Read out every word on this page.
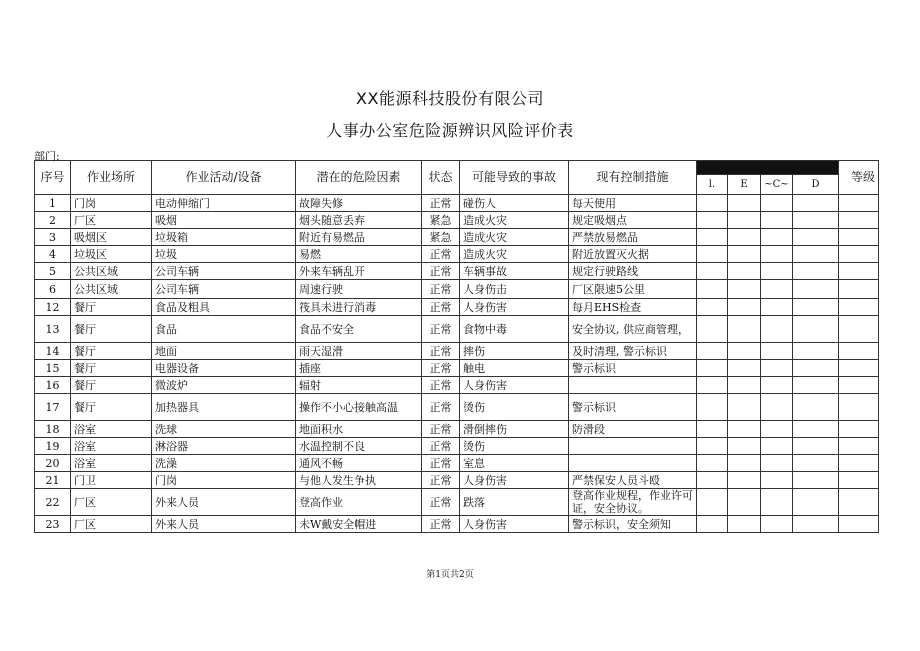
XX能源科技股份有限公司
人事办公室危险源辨识风险评价表
部门:
序号	作业场所	作业活动/设备	潜在的危险因素	状态	可能导致的事故	现有控制措施					等级
							l.	E	~C~	D	
1	门岗	电动伸缩门	故障失修	正常	碰伤人	每天使用					
2	厂区	吸烟	烟头随意丢弃	紧急	造成火灾	规定吸烟点					
3	吸烟区	垃圾箱	附近有易燃品	紧急	造成火灾	严禁放易燃品					
4	垃圾区	垃圾	易燃	正常	造成火灾	附近放置灭火据					
5	公共区域	公司车辆	外来车辆乱开	正常	车辆事故	规定行驶路线					
6	公共区域	公司车辆	周速行驶	正常	人身伤击	厂区限速5公里					
12	餐厅	食品及粗具	筏具未进行消毒	正常	人身伤害	每月EHS检查					
13	餐厅	食品	食品不安全	正常	食物中毒	安全协议, 供应商管理，					
14	餐厅	地面	雨天湿滑	正常	摔伤	及时清理, 警示标识					
15	餐厅	电器设备	插座	正常	触电	警示标识					
16	餐厅	微波炉	辐射	正常	人身伤害						
17	餐厅	加热器具	操作不小心接触高温	正常	烫伤	警示标识					
18	浴室	洗球	地面积水	正常	滑倒摔伤	防滑段					
19	浴室	淋浴器	水温控制不良	正常	烫伤						
20	浴室	洗澡	通风不畅	正常	室息						
21	门卫	门岗	与他人发生争执	正常	人身伤害	严禁保安人员斗殴					
22	厂区	外来人员	登高作业	正常	跌落	登高作业规程，作业许可证，安全协议。					
23	厂区	外来人员	未W戴安全帽进	正常	人身伤害	警示标识，安全须知					
第1页共2页
